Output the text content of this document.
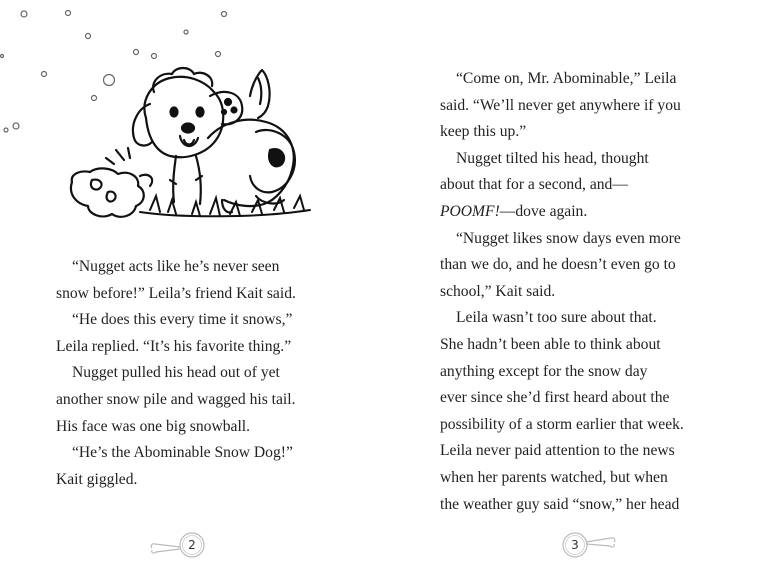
“Nugget acts like he’s never seen
snow before!” Leila’s friend Kait said.
“He does this every time it snows,”
Leila replied. “It’s his favorite thing.”
Nugget pulled his head out of yet
another snow pile and wagged his tail.
His face was one big snowball.
“He’s the Abominable Snow Dog!”
Kait giggled.
2
“Come on, Mr. Abominable,” Leila
said. “We’ll never get anywhere if you
keep this up.”
Nugget tilted his head, thought
about that for a second, and—
POOMF!—dove again.
“Nugget likes snow days even more
than we do, and he doesn’t even go to
school,” Kait said.
Leila wasn’t too sure about that.
She hadn’t been able to think about
anything except for the snow day
ever since she’d first heard about the
possibility of a storm earlier that week.
Leila never paid attention to the news
when her parents watched, but when
the weather guy said “snow,” her head
3
